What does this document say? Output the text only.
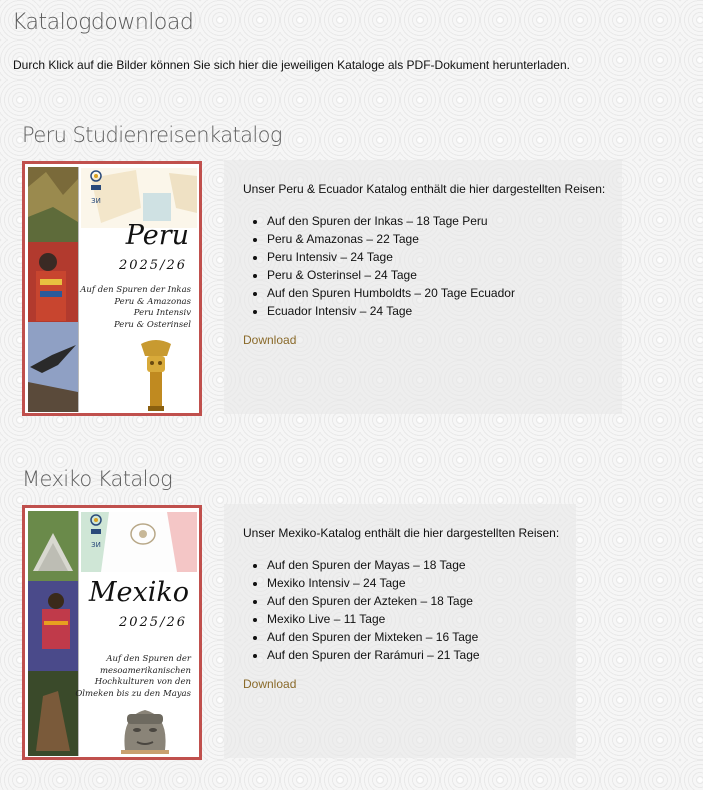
Katalogdownload
Durch Klick auf die Bilder können Sie sich hier die jeweiligen Kataloge als PDF-Dokument herunterladen.
Peru Studienreisenkatalog
ЗИ
Peru
2025/26
Auf den Spuren der Inkas
Peru & Amazonas
Peru Intensiv
Peru & Osterinsel
Unser Peru & Ecuador Katalog enthält die hier dargestellten Reisen:
• Auf den Spuren der Inkas – 18 Tage Peru
• Peru & Amazonas – 22 Tage
• Peru Intensiv – 24 Tage
• Peru & Osterinsel – 24 Tage
• Auf den Spuren Humboldts – 20 Tage Ecuador
• Ecuador Intensiv – 24 Tage
Download
Mexiko Katalog
ЗИ
Mexiko
2025/26
Auf den Spuren der
mesoamerikanischen
Hochkulturen von den
Olmeken bis zu den Mayas
Unser Mexiko-Katalog enthält die hier dargestellten Reisen:
• Auf den Spuren der Mayas – 18 Tage
• Mexiko Intensiv – 24 Tage
• Auf den Spuren der Azteken – 18 Tage
• Mexiko Live – 11 Tage
• Auf den Spuren der Mixteken – 16 Tage
• Auf den Spuren der Rarámuri – 21 Tage
Download
